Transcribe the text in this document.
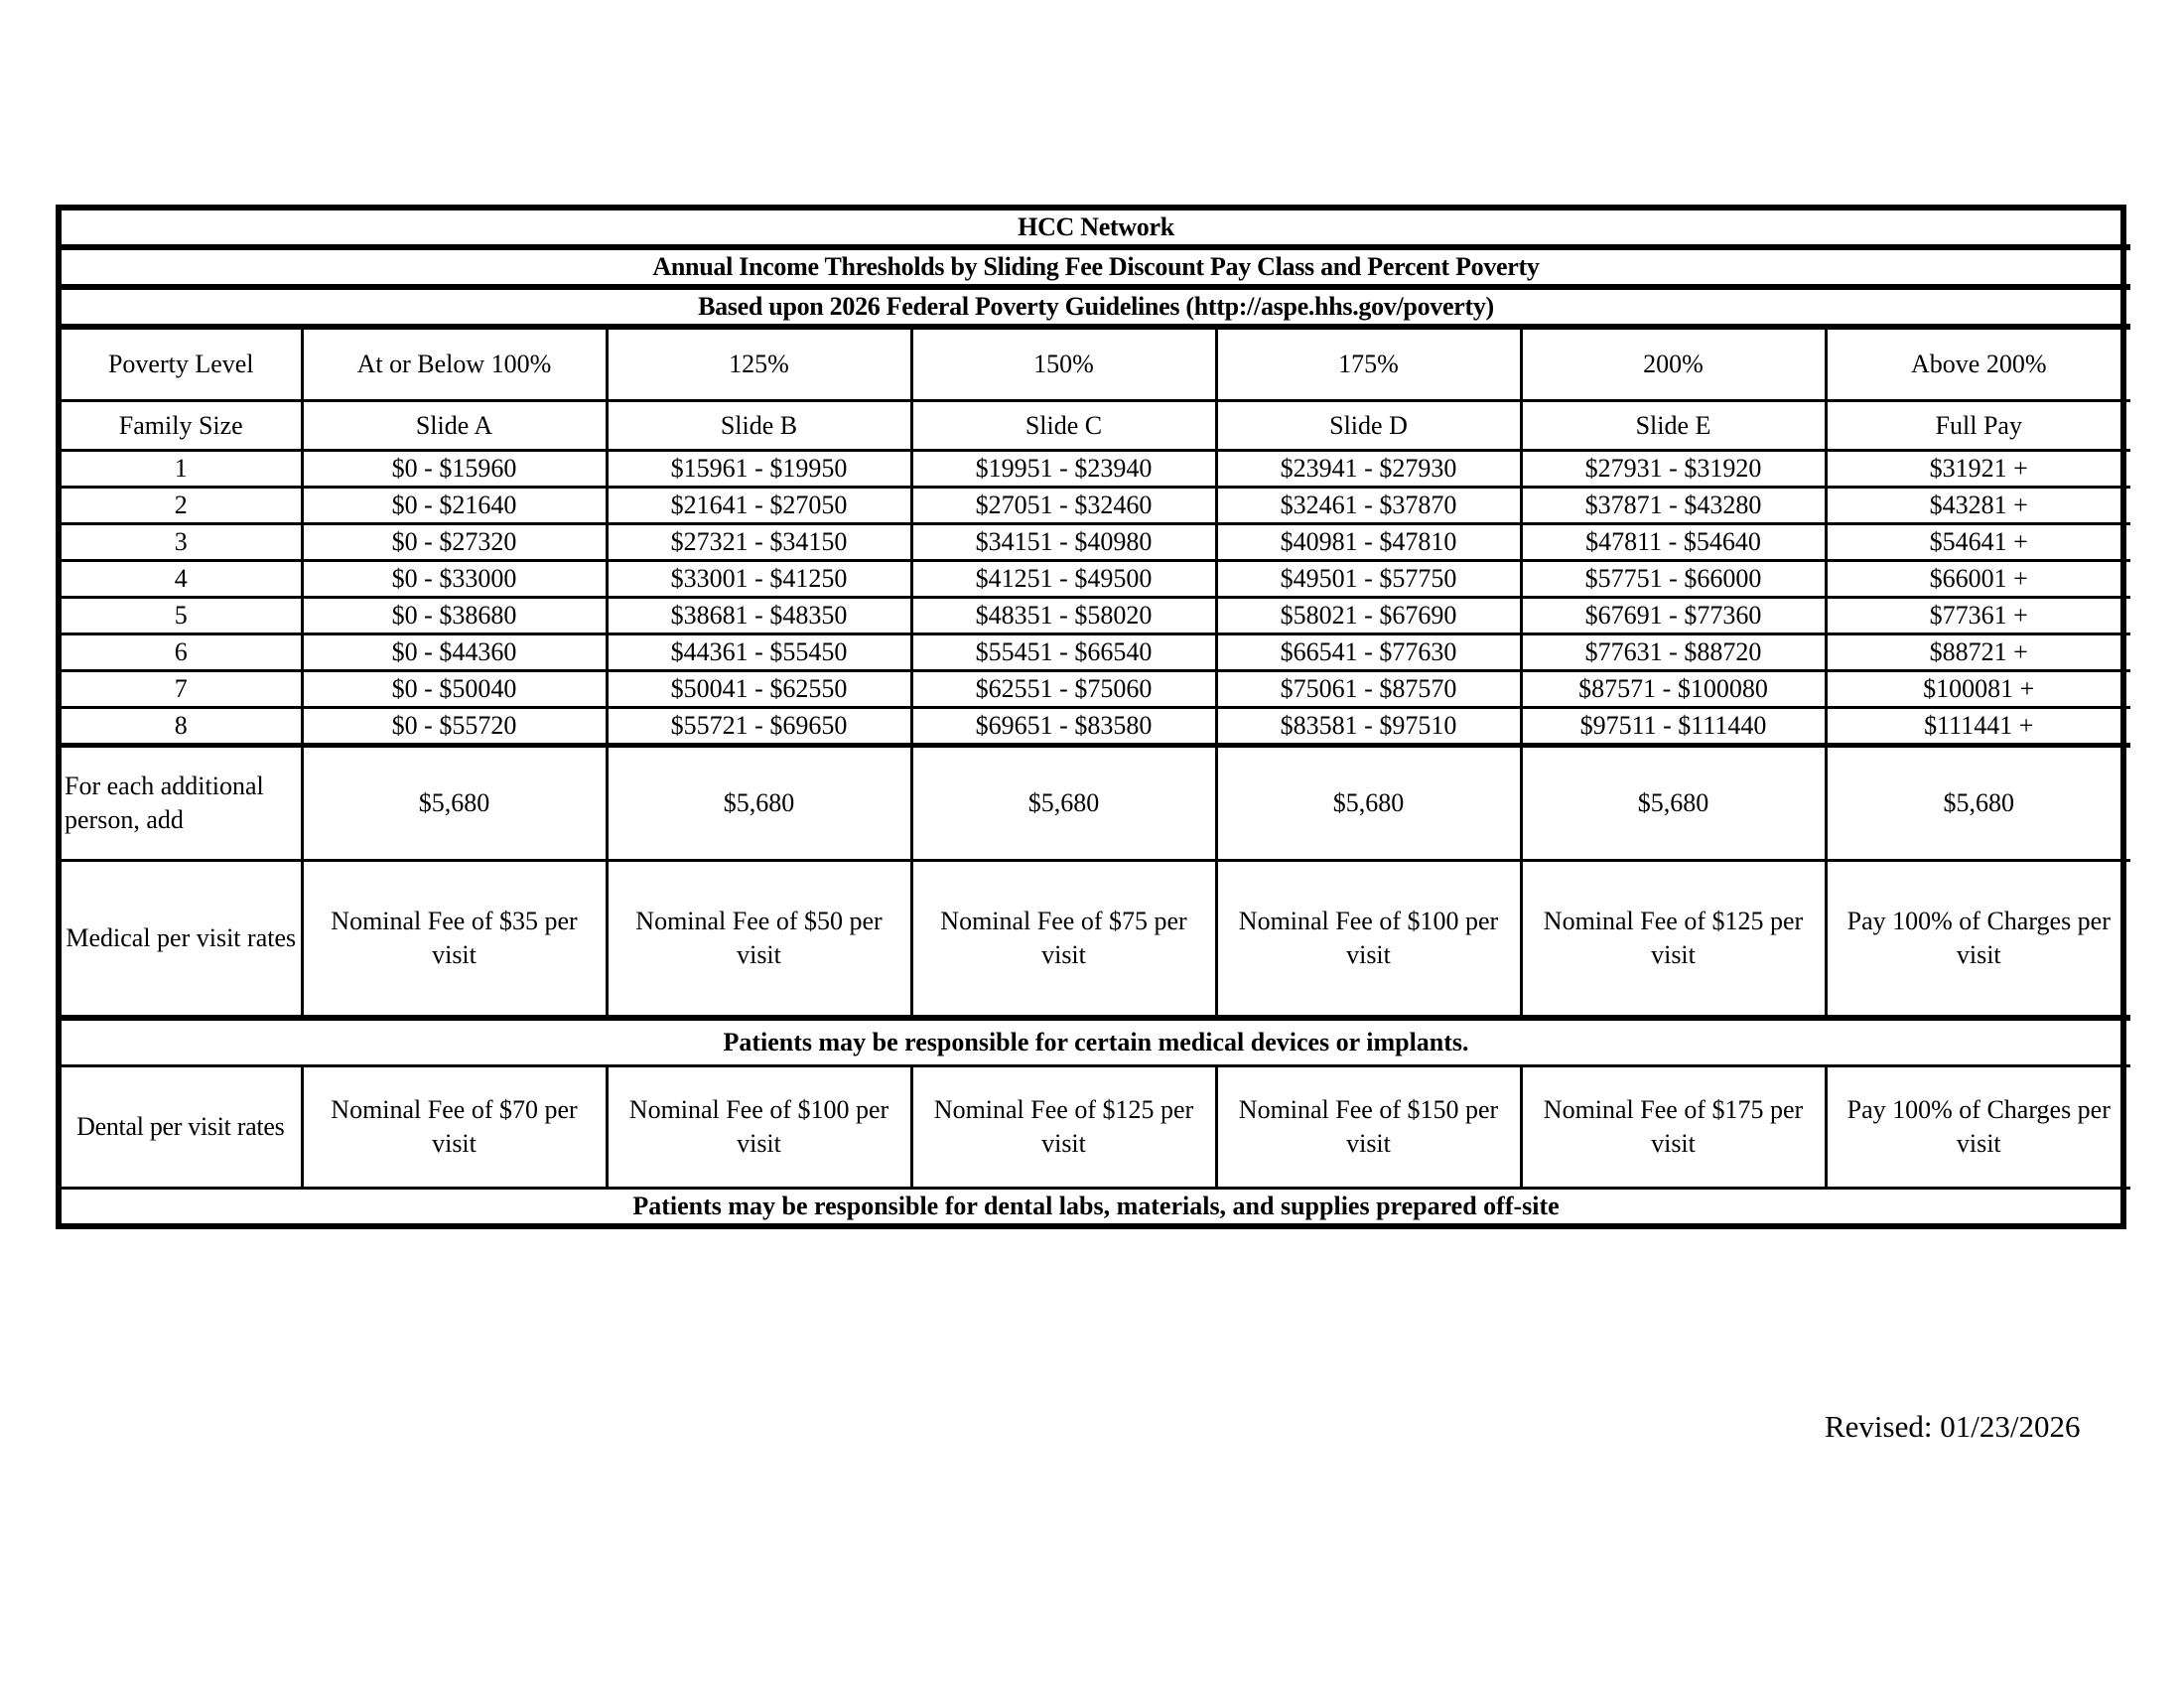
HCC Network						
Annual Income Thresholds by Sliding Fee Discount Pay Class and Percent Poverty						
Based upon 2026 Federal Poverty Guidelines (http://aspe.hhs.gov/poverty)						
Poverty Level	At or Below 100%	125%	150%	175%	200%	Above 200%
Family Size	Slide A	Slide B	Slide C	Slide D	Slide E	Full Pay
1	$0 - $15960	$15961 - $19950	$19951 - $23940	$23941 - $27930	$27931 - $31920	$31921 +
2	$0 - $21640	$21641 - $27050	$27051 - $32460	$32461 - $37870	$37871 - $43280	$43281 +
3	$0 - $27320	$27321 - $34150	$34151 - $40980	$40981 - $47810	$47811 - $54640	$54641 +
4	$0 - $33000	$33001 - $41250	$41251 - $49500	$49501 - $57750	$57751 - $66000	$66001 +
5	$0 - $38680	$38681 - $48350	$48351 - $58020	$58021 - $67690	$67691 - $77360	$77361 +
6	$0 - $44360	$44361 - $55450	$55451 - $66540	$66541 - $77630	$77631 - $88720	$88721 +
7	$0 - $50040	$50041 - $62550	$62551 - $75060	$75061 - $87570	$87571 - $100080	$100081 +
8	$0 - $55720	$55721 - $69650	$69651 - $83580	$83581 - $97510	$97511 - $111440	$111441 +
For each additional person, add	$5,680	$5,680	$5,680	$5,680	$5,680	$5,680
Medical per visit rates	Nominal Fee of $35 per visit	Nominal Fee of $50 per visit	Nominal Fee of $75 per visit	Nominal Fee of $100 per visit	Nominal Fee of $125 per visit	Pay 100% of Charges per visit
Patients may be responsible for certain medical devices or implants.						
Dental per visit rates	Nominal Fee of $70 per visit	Nominal Fee of $100 per visit	Nominal Fee of $125 per visit	Nominal Fee of $150 per visit	Nominal Fee of $175 per visit	Pay 100% of Charges per visit
Patients may be responsible for dental labs, materials, and supplies prepared off-site						
Revised: 01/23/2026
